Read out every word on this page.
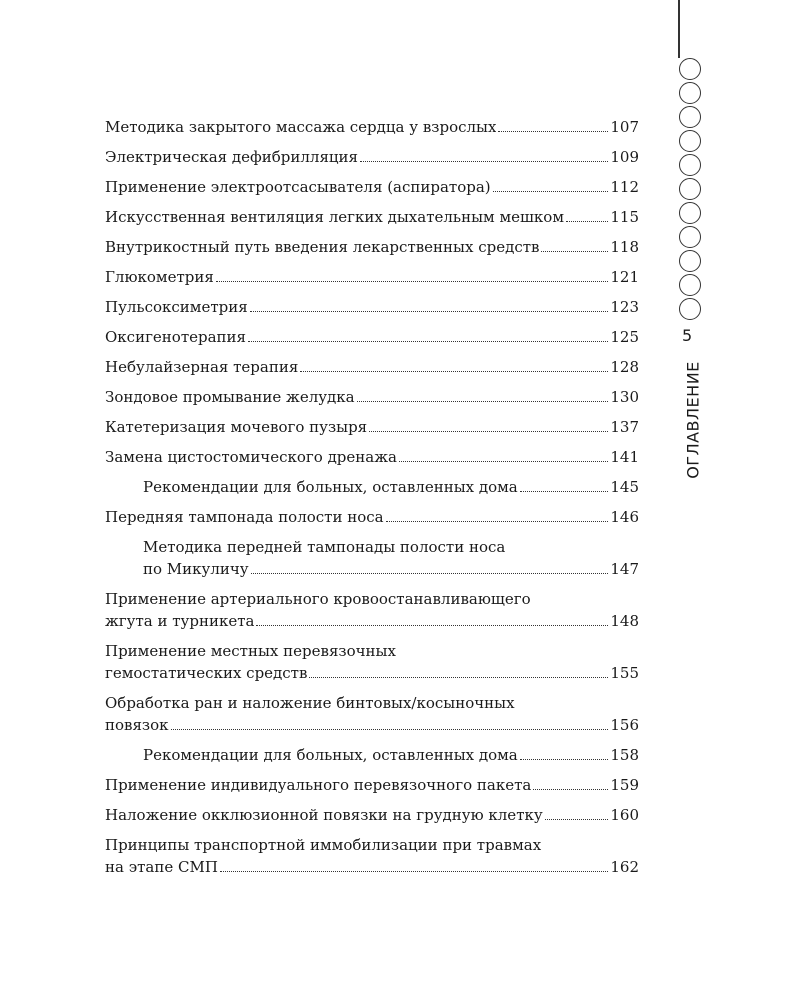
5
ОГЛАВЛЕНИЕ
Методика закрытого массажа сердца у взрослых	107
Электрическая дефибрилляция	109
Применение электроотсасывателя (аспиратора)	112
Искусственная вентиляция легких дыхательным мешком	115
Внутрикостный путь введения лекарственных средств	118
Глюкометрия	121
Пульсоксиметрия	123
Оксигенотерапия	125
Небулайзерная терапия	128
Зондовое промывание желудка	130
Катетеризация мочевого пузыря	137
Замена цистостомического дренажа	141
Рекомендации для больных, оставленных дома	145
Передняя тампонада полости носа	146
Методика передней тампонады полости носа
по Микуличу	147
Применение артериального кровоостанавливающего
жгута и турникета	148
Применение местных перевязочных
гемостатических средств	155
Обработка ран и наложение бинтовых/косыночных
повязок	156
Рекомендации для больных, оставленных дома	158
Применение индивидуального перевязочного пакета	159
Наложение окклюзионной повязки на грудную клетку	160
Принципы транспортной иммобилизации при травмах
на этапе СМП	162
